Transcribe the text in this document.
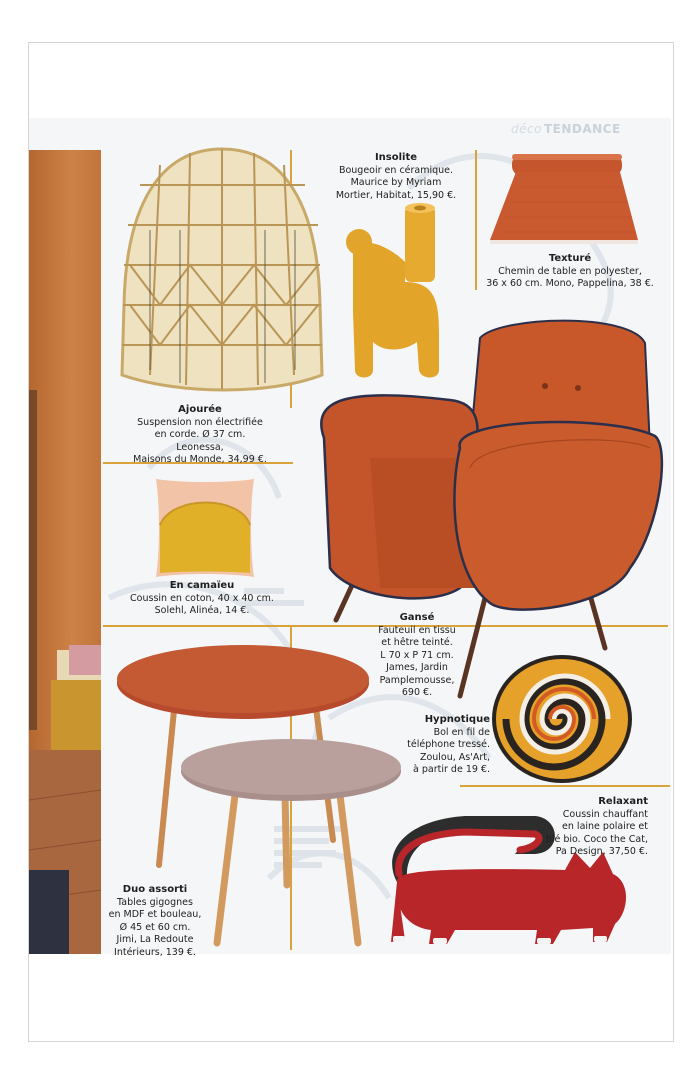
déco TENDANCE
Ajourée
Suspension non électrifiée
en corde. Ø 37 cm. Leonessa,
Maisons du Monde, 34,99 €.
Insolite
Bougeoir en céramique.
Maurice by Myriam
Mortier, Habitat, 15,90 €.
Texturé
Chemin de table en polyester,
36 x 60 cm. Mono, Pappelina, 38 €.
En camaïeu
Coussin en coton, 40 x 40 cm.
Solehl, Alinéa, 14 €.
Gansé
Fauteuil en tissu
et hêtre teinté.
L 70 x P 71 cm.
James, Jardin
Pamplemousse,
690 €.
Hypnotique
Bol en fil de
téléphone tressé.
Zoulou, As'Art,
à partir de 19 €.
Relaxant
Coussin chauffant
en laine polaire et
blé bio. Coco the Cat,
Pa Design, 37,50 €.
Duo assorti
Tables gigognes
en MDF et bouleau,
Ø 45 et 60 cm.
Jimi, La Redoute
Intérieurs, 139 €.
